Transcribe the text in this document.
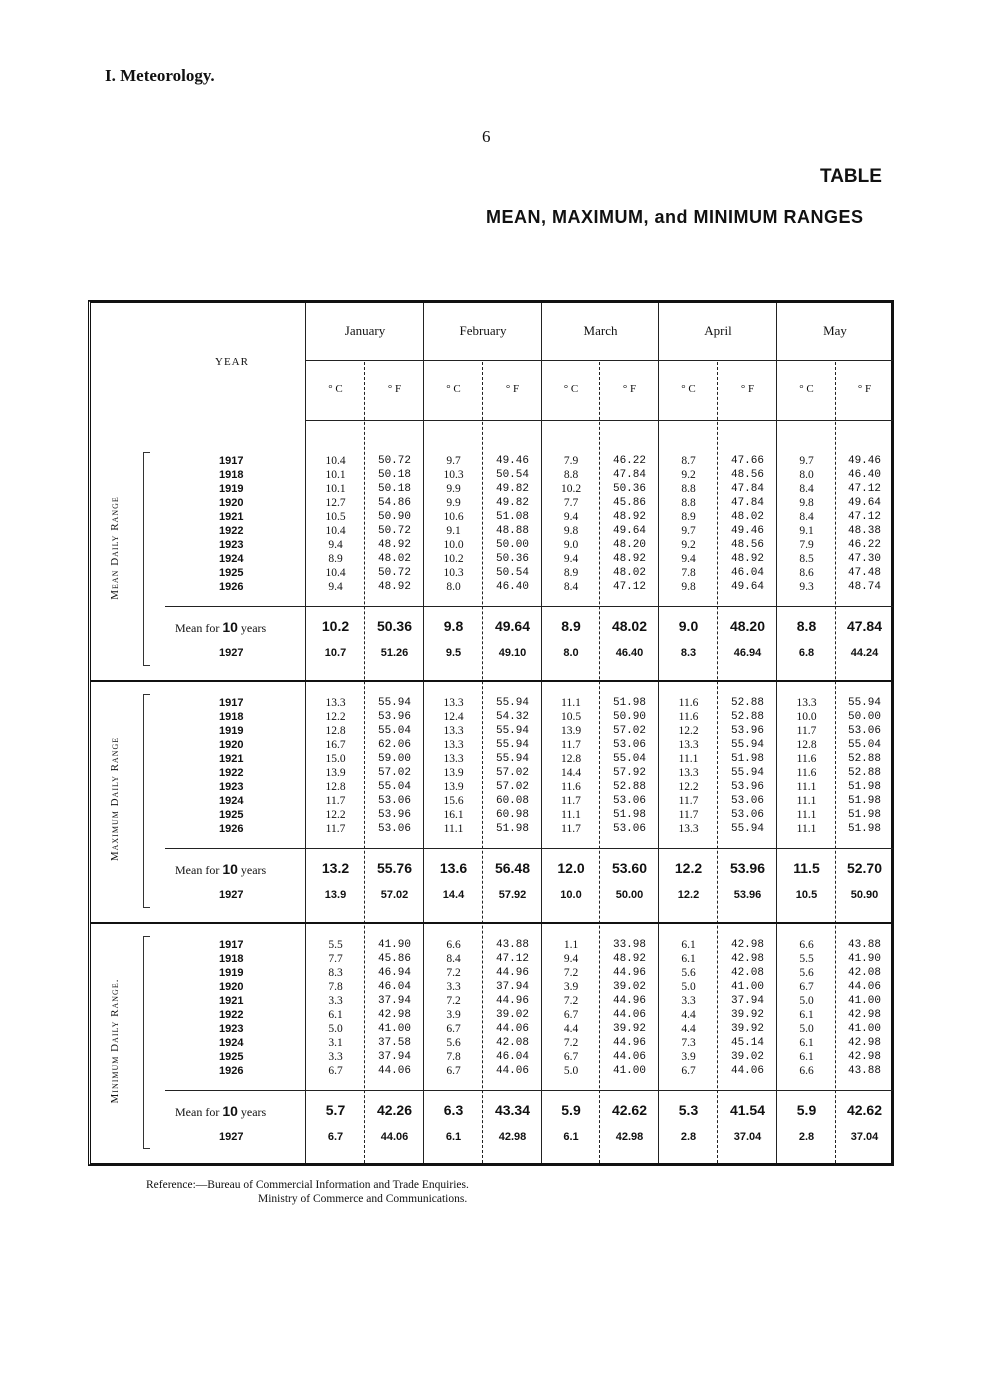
I. Meteorology.
6
TABLE
MEAN, MAXIMUM, and MINIMUM RANGES
January	February	March	April	May
° C	° F	° C	° F	° C	° F	° C	° F	° C	° F
YEAR
Mean Daily Range
1917	10.4	50.72	9.7	49.46	7.9	46.22	8.7	47.66	9.7	49.46
1918	10.1	50.18	10.3	50.54	8.8	47.84	9.2	48.56	8.0	46.40
1919	10.1	50.18	9.9	49.82	10.2	50.36	8.8	47.84	8.4	47.12
1920	12.7	54.86	9.9	49.82	7.7	45.86	8.8	47.84	9.8	49.64
1921	10.5	50.90	10.6	51.08	9.4	48.92	8.9	48.02	8.4	47.12
1922	10.4	50.72	9.1	48.88	9.8	49.64	9.7	49.46	9.1	48.38
1923	9.4	48.92	10.0	50.00	9.0	48.20	9.2	48.56	7.9	46.22
1924	8.9	48.02	10.2	50.36	9.4	48.92	9.4	48.92	8.5	47.30
1925	10.4	50.72	10.3	50.54	8.9	48.02	7.8	46.04	8.6	47.48
1926	9.4	48.92	8.0	46.40	8.4	47.12	9.8	49.64	9.3	48.74
Mean for 10 years	10.2	50.36	9.8	49.64	8.9	48.02	9.0	48.20	8.8	47.84
1927	10.7	51.26	9.5	49.10	8.0	46.40	8.3	46.94	6.8	44.24
Maximum Daily Range
1917	13.3	55.94	13.3	55.94	11.1	51.98	11.6	52.88	13.3	55.94
1918	12.2	53.96	12.4	54.32	10.5	50.90	11.6	52.88	10.0	50.00
1919	12.8	55.04	13.3	55.94	13.9	57.02	12.2	53.96	11.7	53.06
1920	16.7	62.06	13.3	55.94	11.7	53.06	13.3	55.94	12.8	55.04
1921	15.0	59.00	13.3	55.94	12.8	55.04	11.1	51.98	11.6	52.88
1922	13.9	57.02	13.9	57.02	14.4	57.92	13.3	55.94	11.6	52.88
1923	12.8	55.04	13.9	57.02	11.6	52.88	12.2	53.96	11.1	51.98
1924	11.7	53.06	15.6	60.08	11.7	53.06	11.7	53.06	11.1	51.98
1925	12.2	53.96	16.1	60.98	11.1	51.98	11.7	53.06	11.1	51.98
1926	11.7	53.06	11.1	51.98	11.7	53.06	13.3	55.94	11.1	51.98
Mean for 10 years	13.2	55.76	13.6	56.48	12.0	53.60	12.2	53.96	11.5	52.70
1927	13.9	57.02	14.4	57.92	10.0	50.00	12.2	53.96	10.5	50.90
Minimum Daily Range.
1917	5.5	41.90	6.6	43.88	1.1	33.98	6.1	42.98	6.6	43.88
1918	7.7	45.86	8.4	47.12	9.4	48.92	6.1	42.98	5.5	41.90
1919	8.3	46.94	7.2	44.96	7.2	44.96	5.6	42.08	5.6	42.08
1920	7.8	46.04	3.3	37.94	3.9	39.02	5.0	41.00	6.7	44.06
1921	3.3	37.94	7.2	44.96	7.2	44.96	3.3	37.94	5.0	41.00
1922	6.1	42.98	3.9	39.02	6.7	44.06	4.4	39.92	6.1	42.98
1923	5.0	41.00	6.7	44.06	4.4	39.92	4.4	39.92	5.0	41.00
1924	3.1	37.58	5.6	42.08	7.2	44.96	7.3	45.14	6.1	42.98
1925	3.3	37.94	7.8	46.04	6.7	44.06	3.9	39.02	6.1	42.98
1926	6.7	44.06	6.7	44.06	5.0	41.00	6.7	44.06	6.6	43.88
Mean for 10 years	5.7	42.26	6.3	43.34	5.9	42.62	5.3	41.54	5.9	42.62
1927	6.7	44.06	6.1	42.98	6.1	42.98	2.8	37.04	2.8	37.04
Reference:—Bureau of Commercial Information and Trade Enquiries.
Ministry of Commerce and Communications.
